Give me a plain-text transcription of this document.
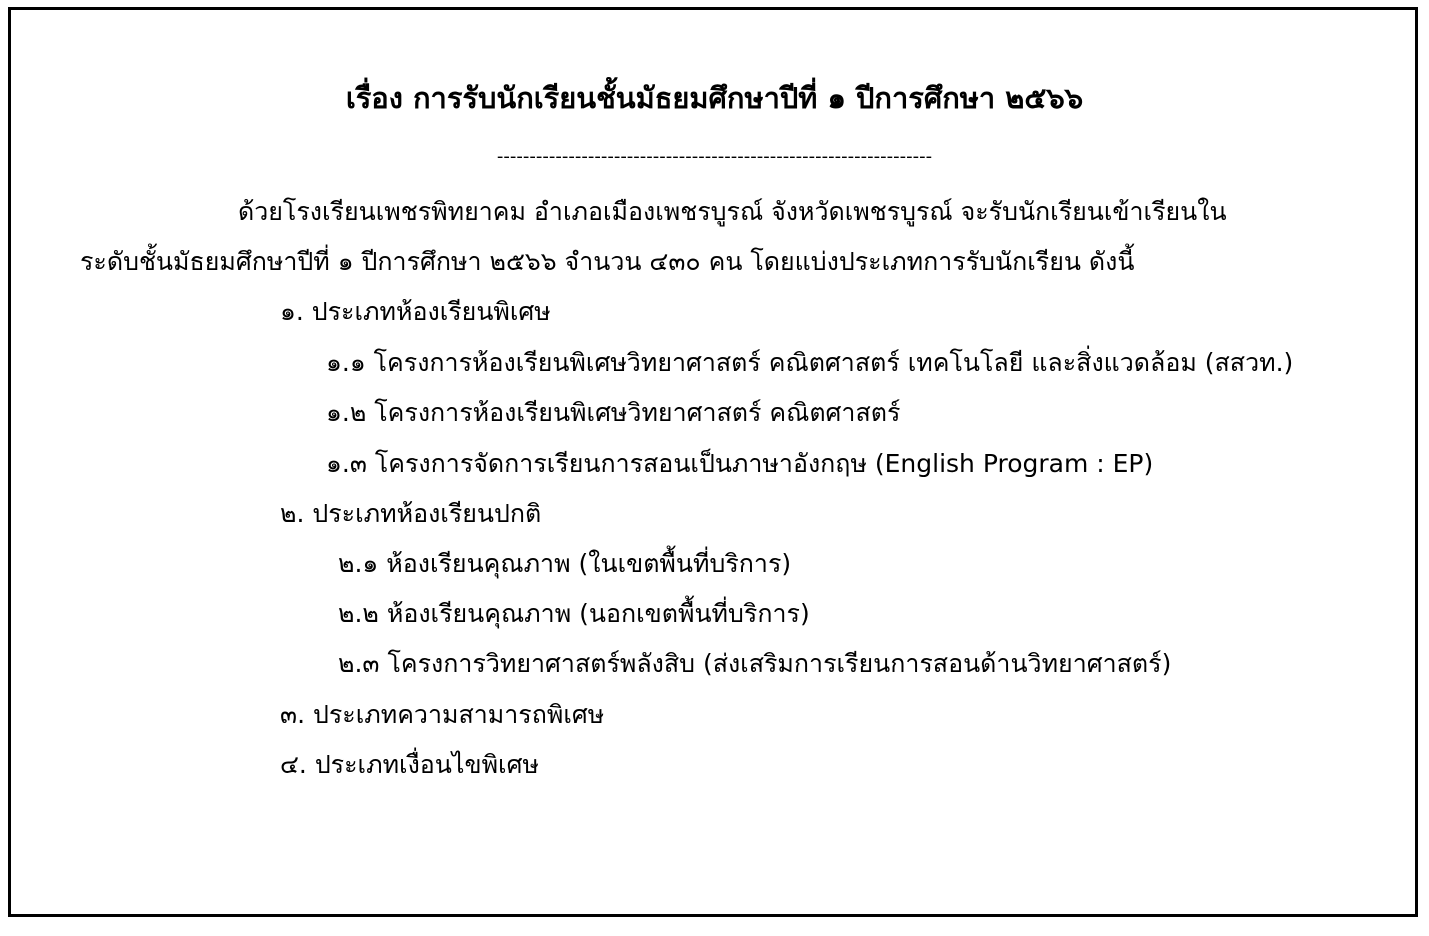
เรื่อง การรับนักเรียนชั้นมัธยมศึกษาปีที่ ๑ ปีการศึกษา ๒๕๖๖
-------------------------------------------------------------------
ด้วยโรงเรียนเพชรพิทยาคม อำเภอเมืองเพชรบูรณ์ จังหวัดเพชรบูรณ์ จะรับนักเรียนเข้าเรียนใน
ระดับชั้นมัธยมศึกษาปีที่ ๑ ปีการศึกษา ๒๕๖๖ จำนวน ๔๓๐ คน โดยแบ่งประเภทการรับนักเรียน ดังนี้
๑. ประเภทห้องเรียนพิเศษ
๑.๑ โครงการห้องเรียนพิเศษวิทยาศาสตร์ คณิตศาสตร์ เทคโนโลยี และสิ่งแวดล้อม (สสวท.)
๑.๒ โครงการห้องเรียนพิเศษวิทยาศาสตร์ คณิตศาสตร์
๑.๓ โครงการจัดการเรียนการสอนเป็นภาษาอังกฤษ (English Program : EP)
๒. ประเภทห้องเรียนปกติ
๒.๑ ห้องเรียนคุณภาพ (ในเขตพื้นที่บริการ)
๒.๒ ห้องเรียนคุณภาพ (นอกเขตพื้นที่บริการ)
๒.๓ โครงการวิทยาศาสตร์พลังสิบ (ส่งเสริมการเรียนการสอนด้านวิทยาศาสตร์)
๓. ประเภทความสามารถพิเศษ
๔. ประเภทเงื่อนไขพิเศษ
